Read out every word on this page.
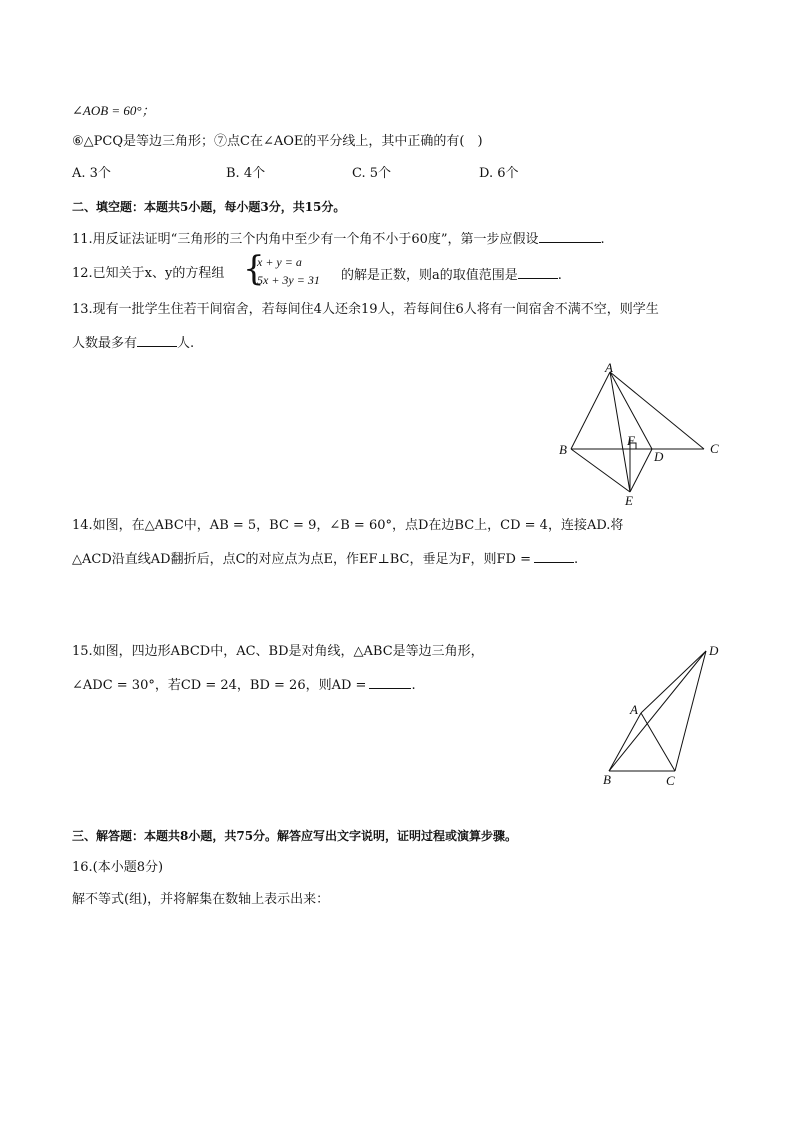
∠AOB = 60°；
⑥△PCQ是等边三角形；⑦点C在∠AOE的平分线上，其中正确的有(　)
A. 3个	B. 4个	C. 5个	D. 6个
二、填空题：本题共5小题，每小题3分，共15分。
11.用反证法证明“三角形的三个内角中至少有一个角不小于60度”，第一步应假设	.
12.已知关于x、y的方程组 {
x + y = a
5x + 3y = 31 的解是正数，则a的取值范围是	.
13.现有一批学生住若干间宿舍，若每间住4人还余19人，若每间住6人将有一间宿舍不满不空，则学生
人数最多有	人.
A
B	C
D
E
F
14.如图，在△ABC中，AB = 5，BC = 9，∠B = 60°，点D在边BC上，CD = 4，连接AD.将
△ACD沿直线AD翻折后，点C的对应点为点E，作EF⊥BC，垂足为F，则FD =	.
15.如图，四边形ABCD中，AC、BD是对角线，△ABC是等边三角形，
∠ADC = 30°，若CD = 24，BD = 26，则AD =	.
A
B	C
D
三、解答题：本题共8小题，共75分。解答应写出文字说明，证明过程或演算步骤。
16.(本小题8分)
解不等式(组)，并将解集在数轴上表示出来：
